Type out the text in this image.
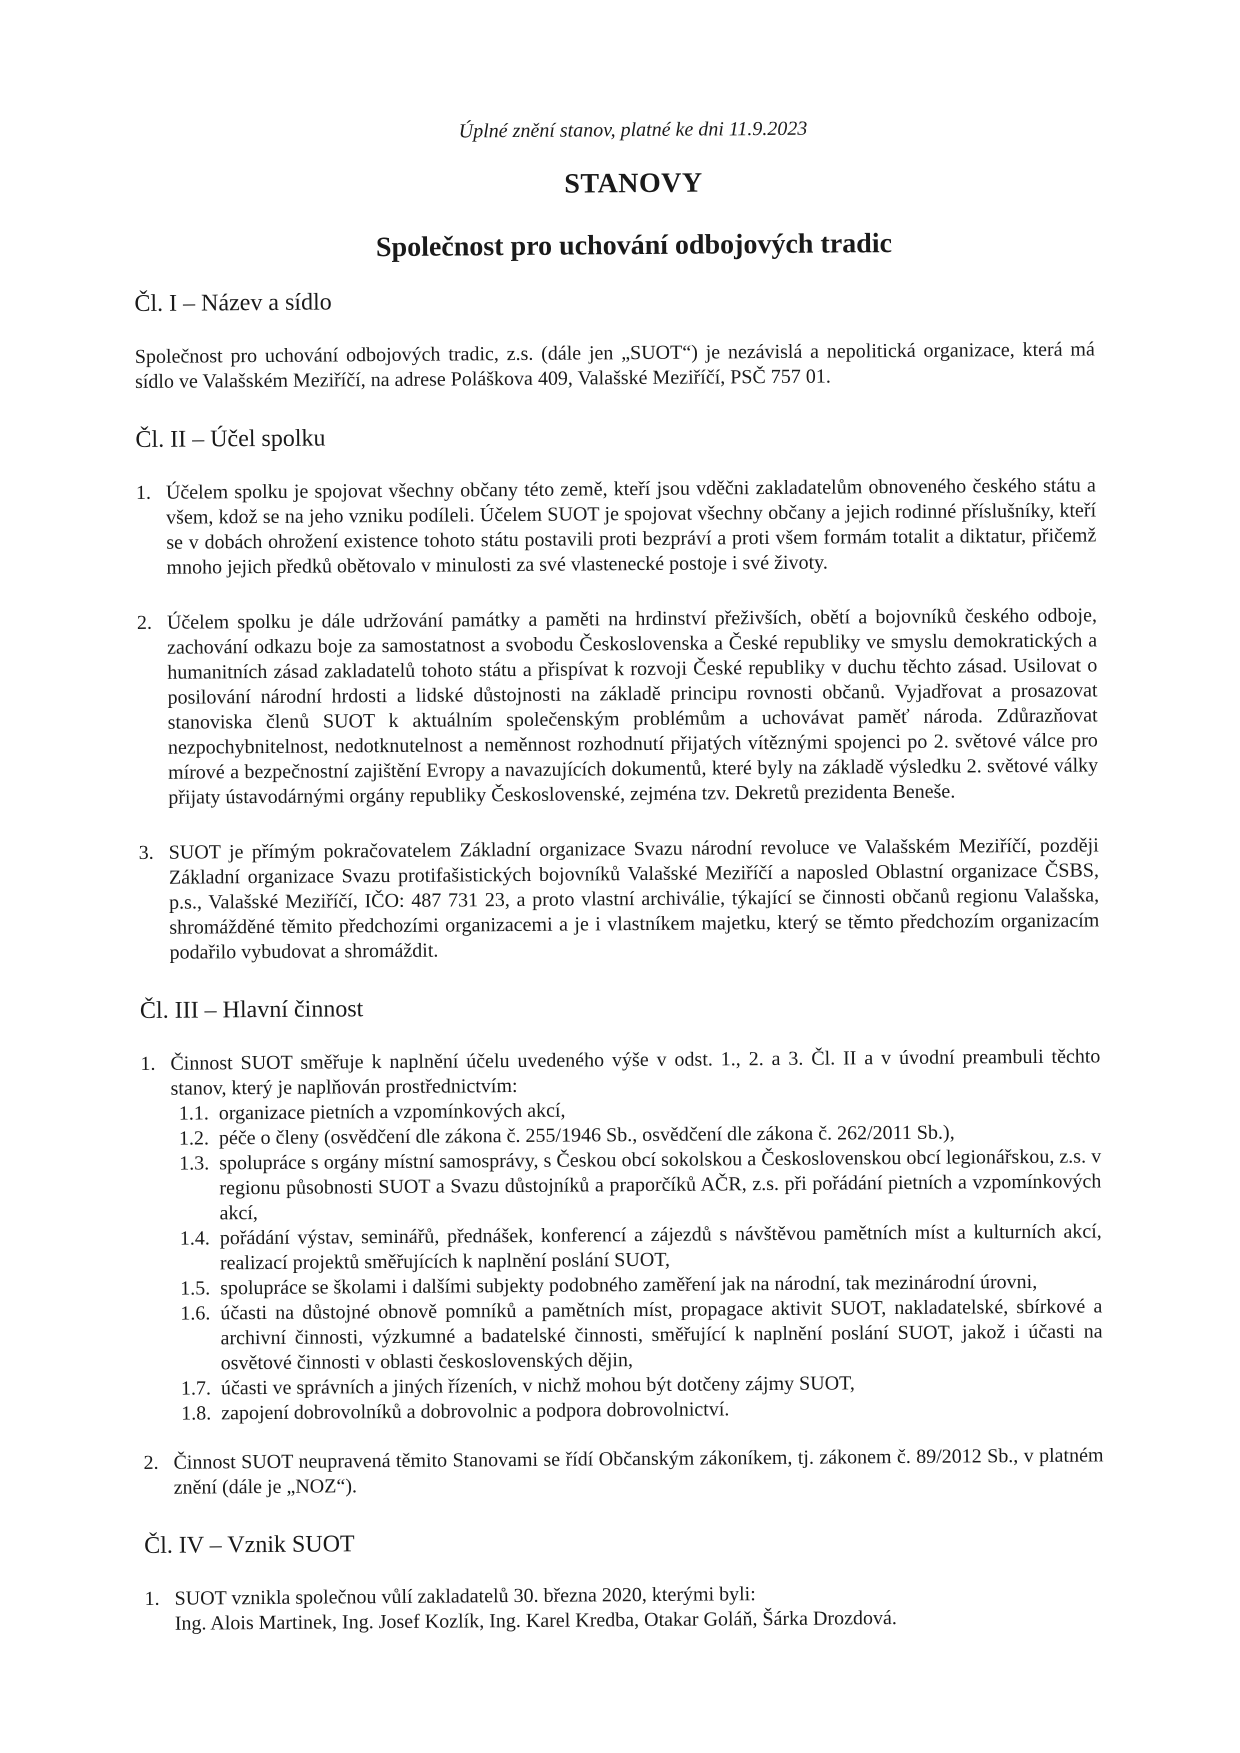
Úplné znění stanov, platné ke dni 11.9.2023

STANOVY
Společnost pro uchování odbojových tradic
Čl. I – Název a sídlo

Společnost pro uchování odbojových tradic, z.s. (dále jen „SUOT“) je nezávislá a nepolitická organizace, která má sídlo ve Valašském Meziříčí, na adrese Poláškova 409, Valašské Meziříčí, PSČ 757 01.

Čl. II – Účel spolku
1. Účelem spolku je spojovat všechny občany této země, kteří jsou vděčni zakladatelům obnoveného českého státu a všem, kdož se na jeho vzniku podíleli. Účelem SUOT je spojovat všechny občany a jejich rodinné příslušníky, kteří se v dobách ohrožení existence tohoto státu postavili proti bezpráví a proti všem formám totalit a diktatur, přičemž mnoho jejich předků obětovalo v minulosti za své vlastenecké postoje i své životy.
2. Účelem spolku je dále udržování památky a paměti na hrdinství přeživších, obětí a bojovníků českého odboje, zachování odkazu boje za samostatnost a svobodu Československa a České republiky ve smyslu demokratických a humanitních zásad zakladatelů tohoto státu a přispívat k rozvoji České republiky v duchu těchto zásad. Usilovat o posilování národní hrdosti a lidské důstojnosti na základě principu rovnosti občanů. Vyjadřovat a prosazovat stanoviska členů SUOT k aktuálním společenským problémům a uchovávat paměť národa. Zdůrazňovat nezpochybnitelnost, nedotknutelnost a neměnnost rozhodnutí přijatých vítěznými spojenci po 2. světové válce pro mírové a bezpečnostní zajištění Evropy a navazujících dokumentů, které byly na základě výsledku 2. světové války přijaty ústavodárnými orgány republiky Československé, zejména tzv. Dekretů prezidenta Beneše.
3. SUOT je přímým pokračovatelem Základní organizace Svazu národní revoluce ve Valašském Meziříčí, později Základní organizace Svazu protifašistických bojovníků Valašské Meziříčí a naposled Oblastní organizace ČSBS, p.s., Valašské Meziříčí, IČO: 487 731 23, a proto vlastní archiválie, týkající se činnosti občanů regionu Valašska, shromážděné těmito předchozími organizacemi a je i vlastníkem majetku, který se těmto předchozím organizacím podařilo vybudovat a shromáždit.
Čl. III – Hlavní činnost
1. Činnost SUOT směřuje k naplnění účelu uvedeného výše v odst. 1., 2. a 3. Čl. II a v úvodní preambuli těchto stanov, který je naplňován prostřednictvím:
1.1. organizace pietních a vzpomínkových akcí,
1.2. péče o členy (osvědčení dle zákona č. 255/1946 Sb., osvědčení dle zákona č. 262/2011 Sb.),
1.3. spolupráce s orgány místní samosprávy, s Českou obcí sokolskou a Československou obcí legionářskou, z.s. v regionu působnosti SUOT a Svazu důstojníků a praporčíků AČR, z.s. při pořádání pietních a vzpomínkových akcí,
1.4. pořádání výstav, seminářů, přednášek, konferencí a zájezdů s návštěvou pamětních míst a kulturních akcí, realizací projektů směřujících k naplnění poslání SUOT,
1.5. spolupráce se školami i dalšími subjekty podobného zaměření jak na národní, tak mezinárodní úrovni,
1.6. účasti na důstojné obnově pomníků a pamětních míst, propagace aktivit SUOT, nakladatelské, sbírkové a archivní činnosti, výzkumné a badatelské činnosti, směřující k naplnění poslání SUOT, jakož i účasti na osvětové činnosti v oblasti československých dějin,
1.7. účasti ve správních a jiných řízeních, v nichž mohou být dotčeny zájmy SUOT,
1.8. zapojení dobrovolníků a dobrovolnic a podpora dobrovolnictví.
2. Činnost SUOT neupravená těmito Stanovami se řídí Občanským zákoníkem, tj. zákonem č. 89/2012 Sb., v platném znění (dále je „NOZ“).
Čl. IV – Vznik SUOT
1. SUOT vznikla společnou vůlí zakladatelů 30. března 2020, kterými byli:
Ing. Alois Martinek, Ing. Josef Kozlík, Ing. Karel Kredba, Otakar Goláň, Šárka Drozdová.
